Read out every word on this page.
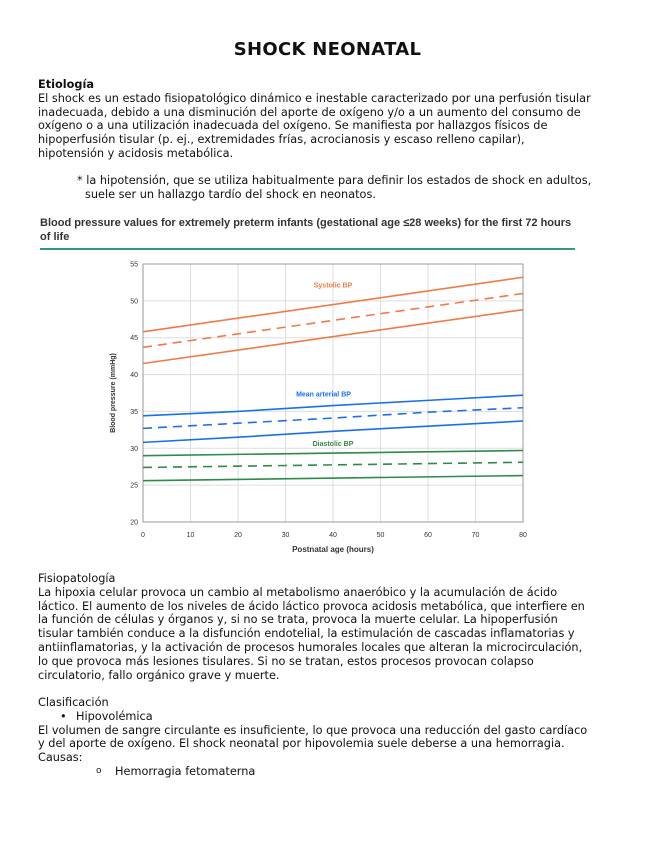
SHOCK NEONATAL
Etiología
El shock es un estado fisiopatológico dinámico e inestable caracterizado por una perfusión tisular
inadecuada, debido a una disminución del aporte de oxígeno y/o a un aumento del consumo de
oxígeno o a una utilización inadecuada del oxígeno. Se manifiesta por hallazgos físicos de
hipoperfusión tisular (p. ej., extremidades frías, acrocianosis y escaso relleno capilar),
hipotensión y acidosis metabólica.
* la hipotensión, que se utiliza habitualmente para definir los estados de shock en adultos,
suele ser un hallazgo tardío del shock en neonatos.
Blood pressure values for extremely preterm infants (gestational age ≤28 weeks) for the first 72 hours of life
0	10	20	30	40	50	60	70	80
20
25
30
35
40
45
50
55
Systolic BP
Mean arterial BP
Diastolic BP
Postnatal age (hours)
Blood pressure (mmHg)
Fisiopatología
La hipoxia celular provoca un cambio al metabolismo anaeróbico y la acumulación de ácido
láctico. El aumento de los niveles de ácido láctico provoca acidosis metabólica, que interfiere en
la función de células y órganos y, si no se trata, provoca la muerte celular. La hipoperfusión
tisular también conduce a la disfunción endotelial, la estimulación de cascadas inflamatorias y
antiinflamatorias, y la activación de procesos humorales locales que alteran la microcirculación,
lo que provoca más lesiones tisulares. Si no se tratan, estos procesos provocan colapso
circulatorio, fallo orgánico grave y muerte.
Clasificación
• Hipovolémica
El volumen de sangre circulante es insuficiente, lo que provoca una reducción del gasto cardíaco
y del aporte de oxígeno. El shock neonatal por hipovolemia suele deberse a una hemorragia.
Causas:
o	Hemorragia fetomaterna
